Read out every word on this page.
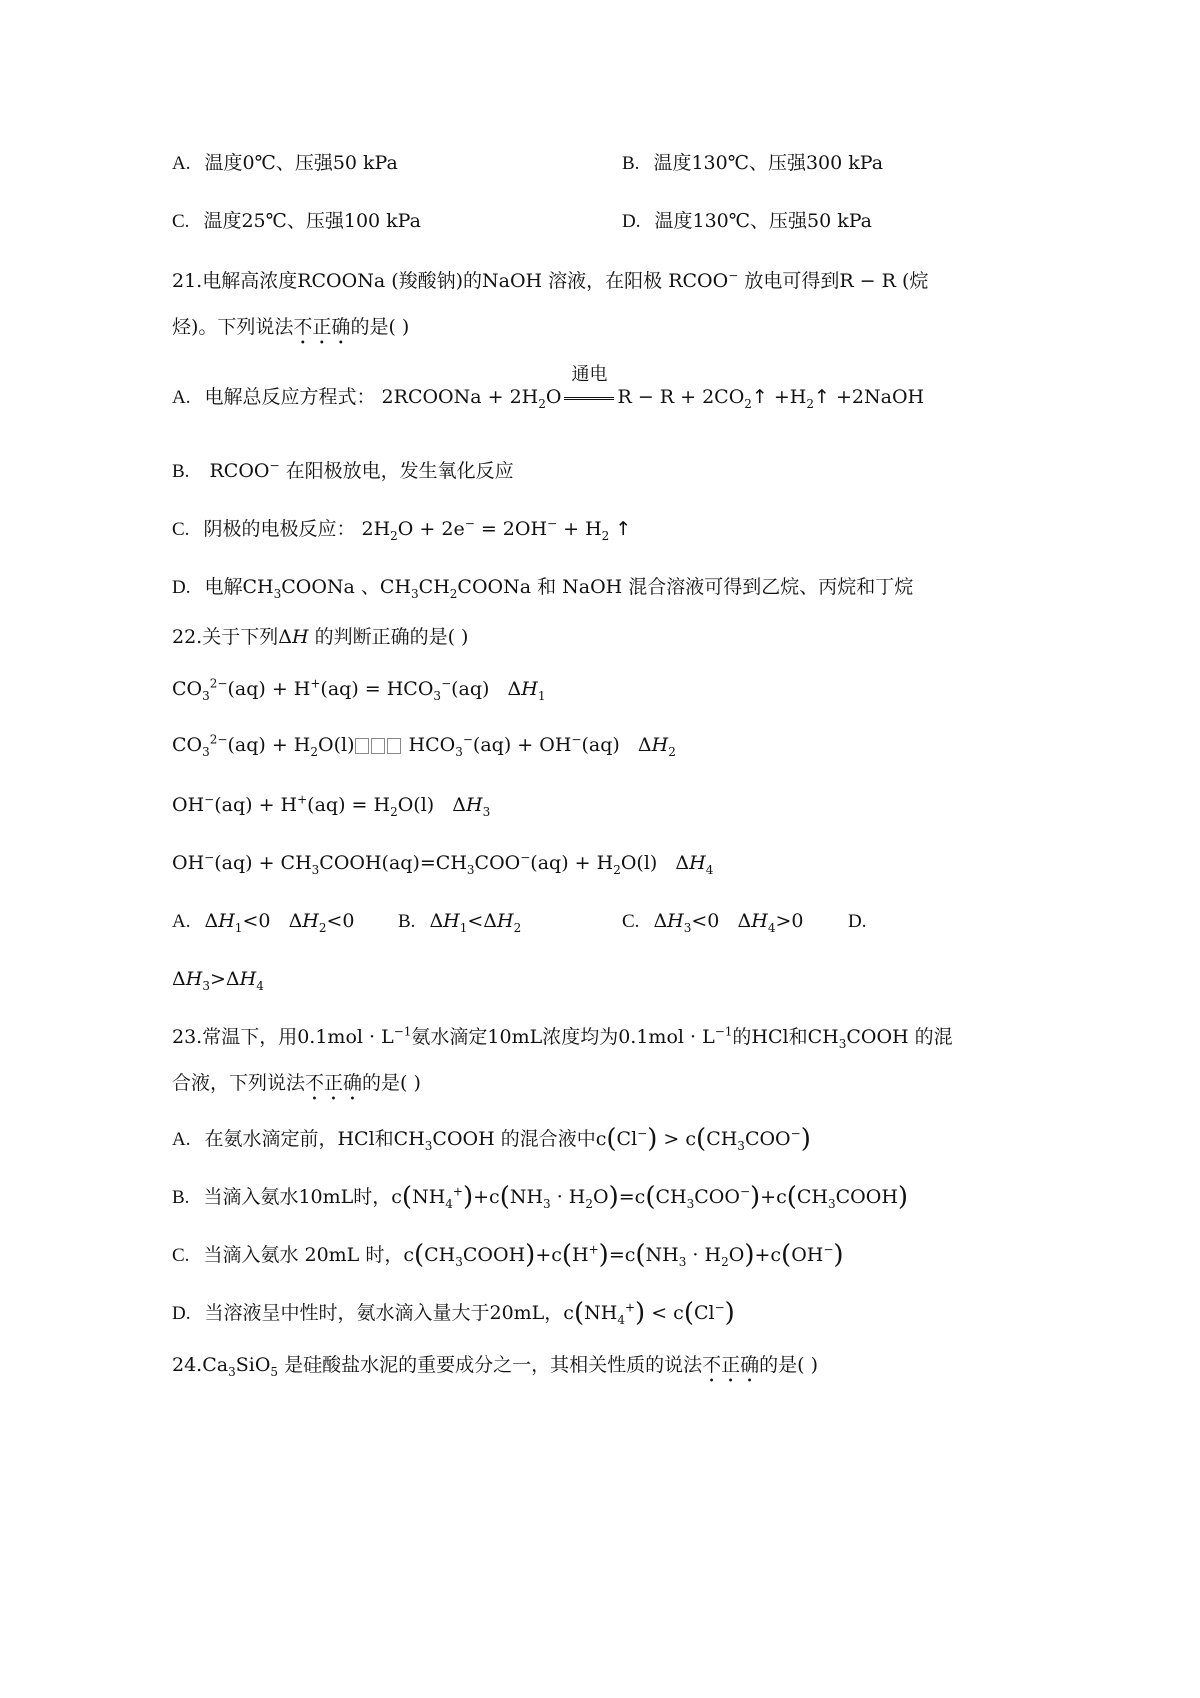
A. 温度0℃、压强50 kPa	B. 温度130℃、压强300 kPa
C. 温度25℃、压强100 kPa	D. 温度130℃、压强50 kPa
21.电解高浓度RCOONa (羧酸钠)的NaOH 溶液，在阳极 RCOO− 放电可得到R − R (烷
烃)。下列说法不正确的是( )
A. 电解总反应方程式： 2RCOONa + $2H_2O$
通电
$R - R + 2CO_2↑$ $+H_2↑$ +2NaOH
B. RCOO− 在阳极放电，发生氧化反应
C. 阴极的电极反应： $2H_2O + 2e^- = 2OH^- + H_2$ ↑
D. 电解$CH_3COONa$ 、$CH_3CH_2COONa$ 和 NaOH 混合溶液可得到乙烷、丙烷和丁烷
22.关于下列ΔH 的判断正确的是( )
$CO_3^{2-}(aq) + H^+(aq) = HCO_3^-(aq)$   $\Delta H_1$
$CO_3^{2-}(aq) + H_2O(l)$	$HCO_3^-(aq) + OH^-(aq)$   $\Delta H_2$
$OH^-(aq) + H^+(aq) = H_2O(l)$   $\Delta H_3$
$OH^-(aq) + CH_3COOH(aq)=CH_3COO^-(aq) + H_2O(l)$   $\Delta H_4$
A. $\Delta H_1<0$   $\Delta H_2<0$ B. $\Delta H_1<\Delta H_2$	C. $\Delta H_3<0$   $\Delta H_4>0$ D.
$\Delta H_3>\Delta H_4$
23.常温下，用$0.1mol \cdot L^{-1}$氨水滴定10mL浓度均为$0.1mol \cdot L^{-1}$的HCl和$CH_3COOH$ 的混
合液，下列说法不正确的是( )
A. 在氨水滴定前，HCl和$CH_3COOH$ 的混合液中$c(Cl^-) > c(CH_3COO^-)$
B. 当滴入氨水10mL时，$c(NH_4^+)+c(NH_3$ · $H_2O)=c(CH_3COO^-)+c(CH_3COOH)$
C. 当滴入氨水 20mL 时，$c(CH_3COOH)+c(H^+)=c(NH_3 \cdot H_2O)+c(OH^-)$
D. 当溶液呈中性时，氨水滴入量大于20mL，$c(NH_4^+) < c(Cl^-)$
$24.Ca_3SiO_5$ 是硅酸盐水泥的重要成分之一，其相关性质的说法不正确的是( )
